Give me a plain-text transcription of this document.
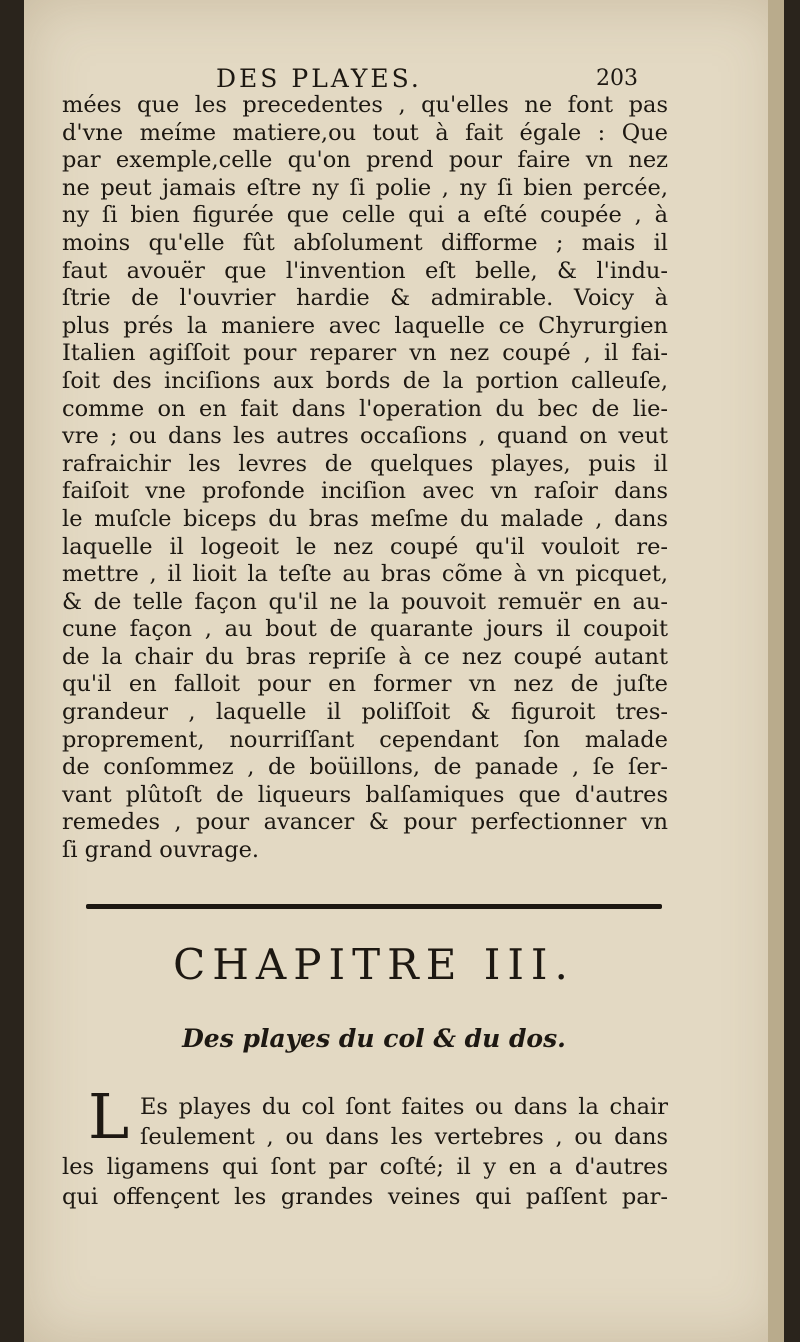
DES PLAYES.	203
mées que les precedentes , qu'elles ne font pas
d'vne meíme matiere,ou tout à fait égale : Que
par exemple,celle qu'on prend pour faire vn nez
ne peut jamais eſtre ny ſi polie , ny ſi bien percée,
ny ſi bien figurée que celle qui a eſté coupée , à
moins qu'elle fût abſolument difforme ; mais il
faut avouër que l'invention eſt belle, & l'indu-
ſtrie de l'ouvrier hardie & admirable. Voicy à
plus prés la maniere avec laquelle ce Chyrurgien
Italien agiſſoit pour reparer vn nez coupé , il fai-
ſoit des inciſions aux bords de la portion calleuſe,
comme on en fait dans l'operation du bec de lie-
vre ; ou dans les autres occaſions , quand on veut
rafraichir les levres de quelques playes, puis il
faiſoit vne profonde inciſion avec vn raſoir dans
le muſcle biceps du bras meſme du malade , dans
laquelle il logeoit le nez coupé qu'il vouloit re-
mettre , il lioit la teſte au bras cõme à vn picquet,
& de telle façon qu'il ne la pouvoit remuër en au-
cune façon , au bout de quarante jours il coupoit
de la chair du bras repriſe à ce nez coupé autant
qu'il en falloit pour en former vn nez de juſte
grandeur , laquelle il poliſſoit & figuroit tres-
proprement, nourriſſant cependant ſon malade
de conſommez , de boüillons, de panade , ſe ſer-
vant plûtoſt de liqueurs balſamiques que d'autres
remedes , pour avancer & pour perfectionner vn
ſi grand ouvrage.
CHAPITRE III.
Des playes du col & du dos.
L Es playes du col ſont faites ou dans la chair
ſeulement , ou dans les vertebres , ou dans
les ligamens qui ſont par coſté; il y en a d'autres
qui offençent les grandes veines qui paſſent par-
